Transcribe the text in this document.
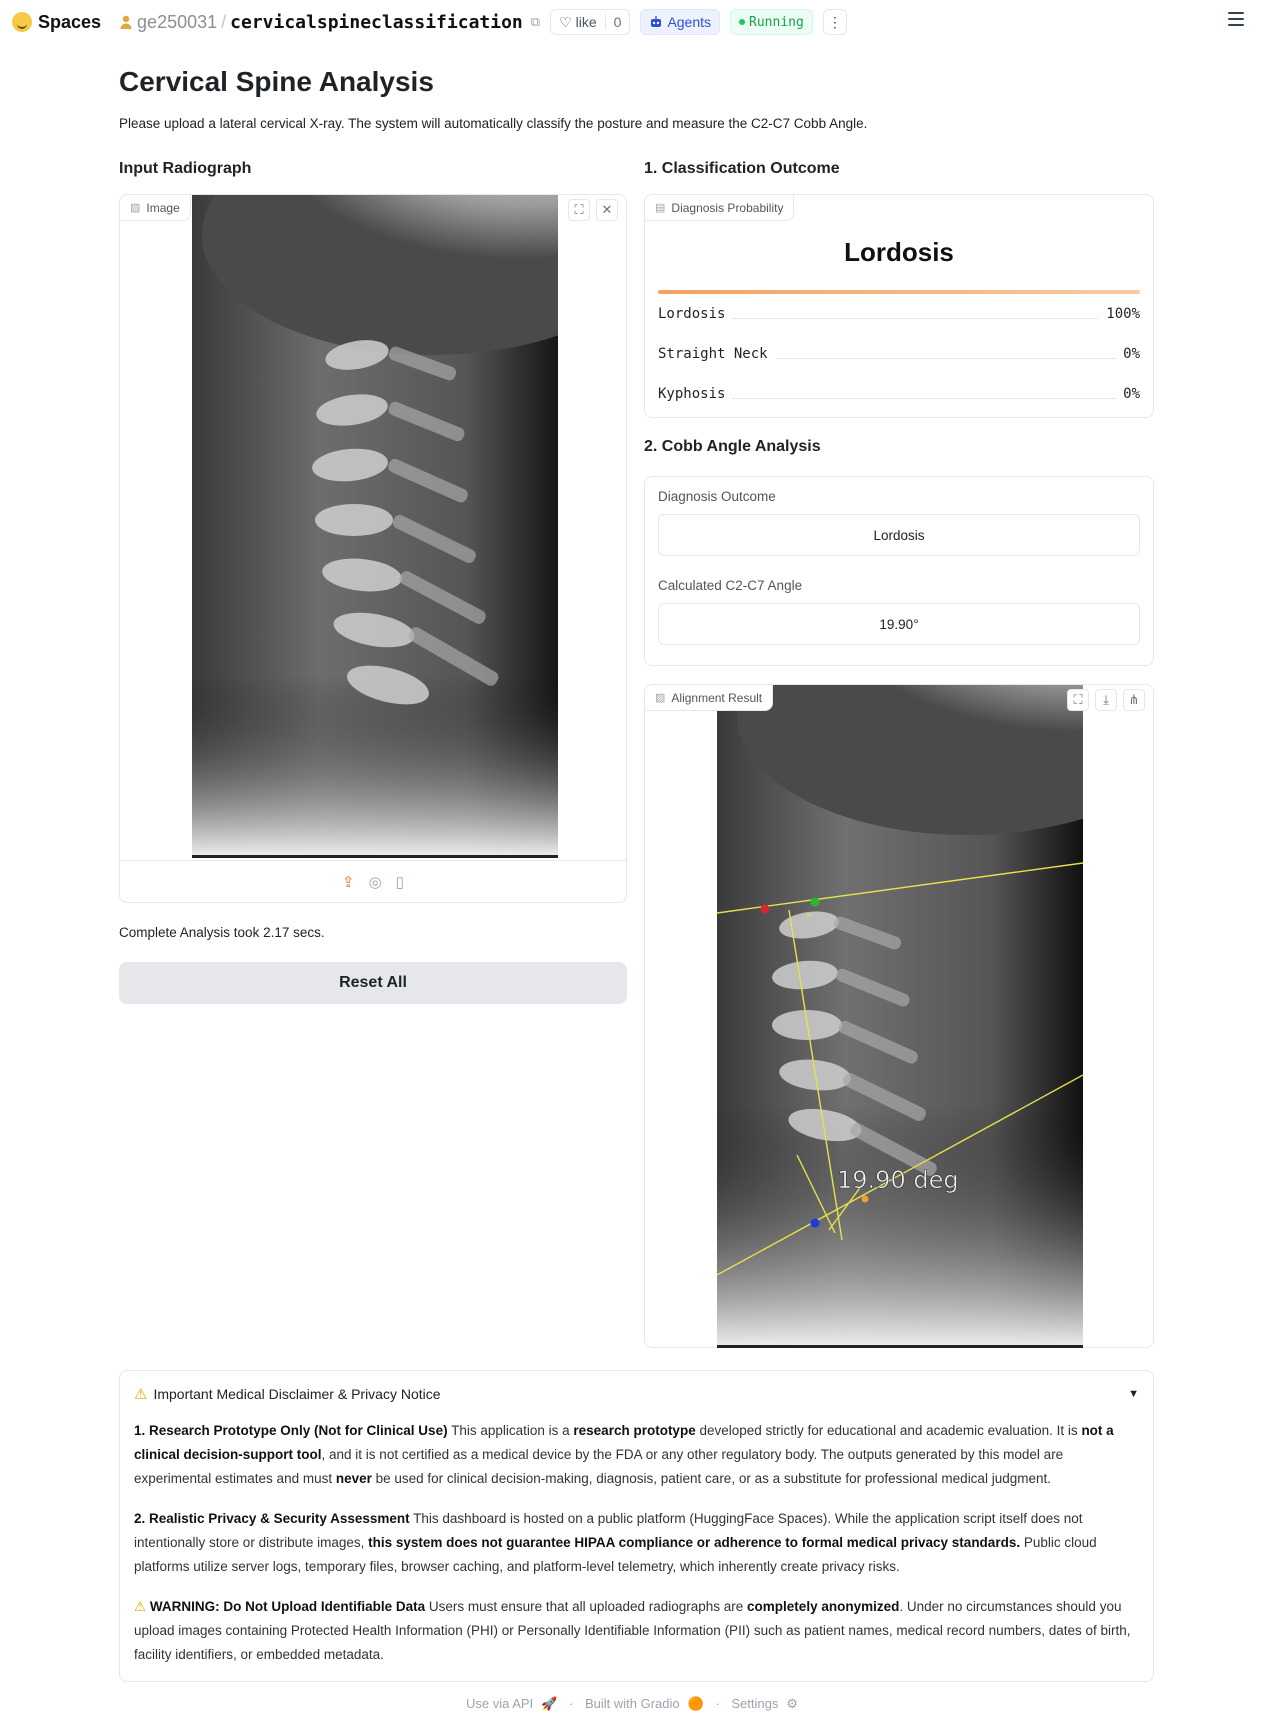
Spaces ge250031 / cervicalspineclassification ⧉ ♡ like	0	Agents	Running ⋮
Cervical Spine Analysis

Please upload a lateral cervical X-ray. The system will automatically classify the posture and measure the C2-C7 Cobb Angle.

Input Radiograph
▨ Image	⛶	✕
⇪ ◎ ▯

Complete Analysis took 2.17 secs.

Reset All
1. Classification Outcome
▤ Diagnosis Probability
Lordosis
Lordosis	100%
Straight Neck	0%
Kyphosis	0%
2. Cobb Angle Analysis
Diagnosis Outcome
Lordosis
Calculated C2-C7 Angle
19.90°
▨ Alignment Result	⛶	⤓	⋔
19.90 deg
⚠ Important Medical Disclaimer & Privacy Notice	▼

1. Research Prototype Only (Not for Clinical Use) This application is a research prototype developed strictly for educational and academic evaluation. It is not a clinical decision-support tool, and it is not certified as a medical device by the FDA or any other regulatory body. The outputs generated by this model are experimental estimates and must never be used for clinical decision-making, diagnosis, patient care, or as a substitute for professional medical judgment.

2. Realistic Privacy & Security Assessment This dashboard is hosted on a public platform (HuggingFace Spaces). While the application script itself does not intentionally store or distribute images, this system does not guarantee HIPAA compliance or adherence to formal medical privacy standards. Public cloud platforms utilize server logs, temporary files, browser caching, and platform-level telemetry, which inherently create privacy risks.

⚠ WARNING: Do Not Upload Identifiable Data Users must ensure that all uploaded radiographs are completely anonymized. Under no circumstances should you upload images containing Protected Health Information (PHI) or Personally Identifiable Information (PII) such as patient names, medical record numbers, dates of birth, facility identifiers, or embedded metadata.

Use via API 🚀 · Built with Gradio 🟠 · Settings ⚙
